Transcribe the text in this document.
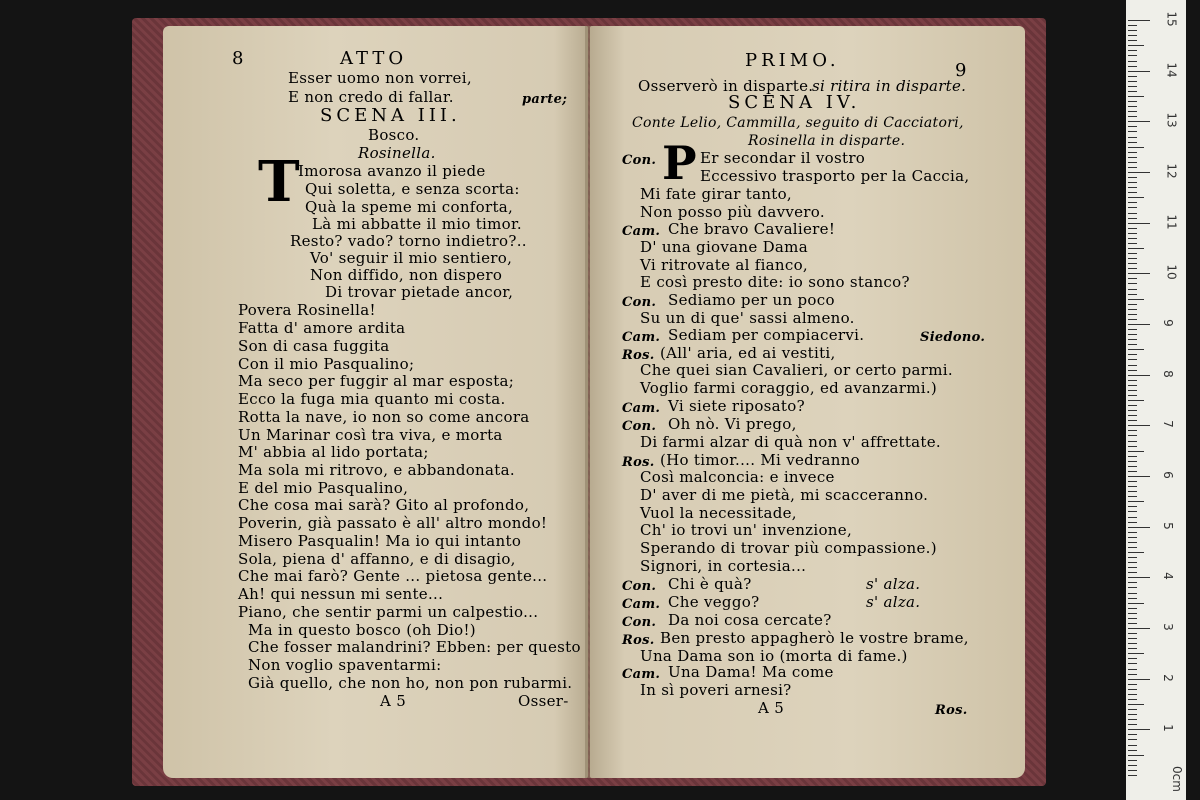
8	ATTO
Esser uomo non vorrei,
E non credo di fallar.	parte;
SCENA III.
Bosco.
Rosinella.
T
Imorosa avanzo il piede
Qui soletta, e senza scorta:
Quà la speme mi conforta,
Là mi abbatte il mio timor.
Resto? vado? torno indietro?..
Vo' seguir il mio sentiero,
Non diffido, non dispero
Di trovar pietade ancor,
Povera Rosinella!
Fatta d' amore ardita
Son di casa fuggita
Con il mio Pasqualino;
Ma seco per fuggir al mar esposta;
Ecco la fuga mia quanto mi costa.
Rotta la nave, io non so come ancora
Un Marinar così tra viva, e morta
M' abbia al lido portata;
Ma sola mi ritrovo, e abbandonata.
E del mio Pasqualino,
Che cosa mai sarà? Gito al profondo,
Poverin, già passato è all' altro mondo!
Misero Pasqualin! Ma io qui intanto
Sola, piena d' affanno, e di disagio,
Che mai farò? Gente ... pietosa gente...
Ah! qui nessun mi sente...
Piano, che sentir parmi un calpestio...
Ma in questo bosco (oh Dio!)
Che fosser malandrini? Ebben: per questo
Non voglio spaventarmi:
Già quello, che non ho, non pon rubarmi.
A 5	Osser-
PRIMO.	9
Osserverò in disparte.
si ritira in disparte.
SCENA IV.
Conte Lelio, Cammilla, seguito di Cacciatori,
Rosinella in disparte.
Con. P Er secondar il vostro
Eccessivo trasporto per la Caccia,
Mi fate girar tanto,
Non posso più davvero.
Cam. Che bravo Cavaliere!
D' una giovane Dama
Vi ritrovate al fianco,
E così presto dite: io sono stanco?
Con. Sediamo per un poco
Su un di que' sassi almeno.
Cam. Sediam per compiacervi.	Siedono.
Ros. (All' aria, ed ai vestiti,
Che quei sian Cavalieri, or certo parmi.
Voglio farmi coraggio, ed avanzarmi.)
Cam. Vi siete riposato?
Con. Oh nò. Vi prego,
Di farmi alzar di quà non v' affrettate.
Ros. (Ho timor.... Mi vedranno
Così malconcia: e invece
D' aver di me pietà, mi scacceranno.
Vuol la necessitade,
Ch' io trovi un' invenzione,
Sperando di trovar più compassione.)
Signori, in cortesia...
Con. Chi è quà?	s' alza.
Cam. Che veggo?	s' alza.
Con. Da noi cosa cercate?
Ros. Ben presto appagherò le vostre brame,
Una Dama son io (morta di fame.)
Cam. Una Dama! Ma come
In sì poveri arnesi?
A 5	Ros.
15
14
13
12
11
10
9
8
7
6
5
4
3
2
1
0cm
